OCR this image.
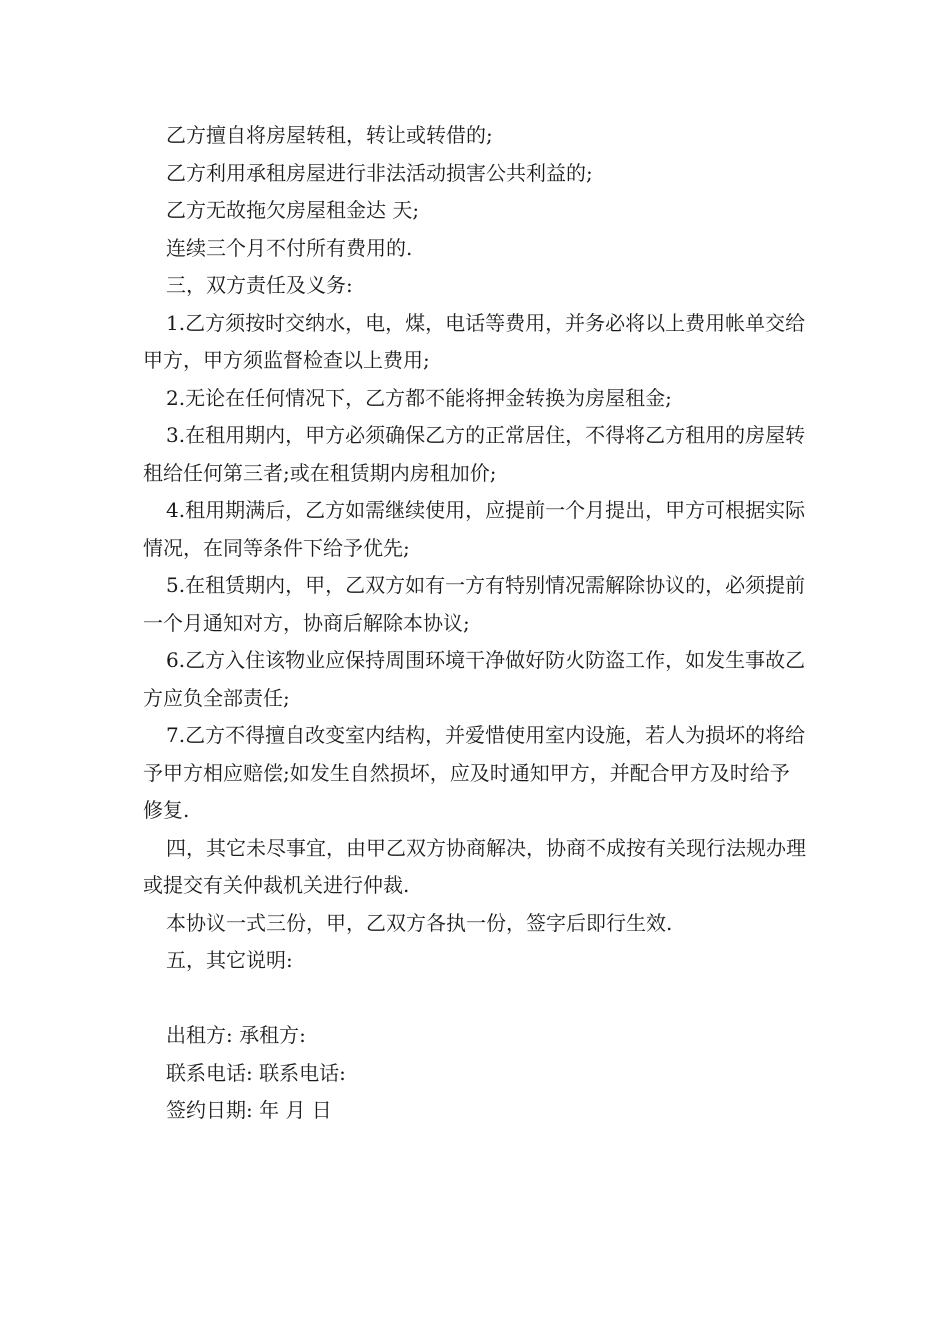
乙方擅自将房屋转租，转让或转借的;

乙方利用承租房屋进行非法活动损害公共利益的;

乙方无故拖欠房屋租金达 天;

连续三个月不付所有费用的.

三，双方责任及义务:

1.乙方须按时交纳水，电，煤，电话等费用，并务必将以上费用帐单交给甲方，甲方须监督检查以上费用;

2.无论在任何情况下，乙方都不能将押金转换为房屋租金;

3.在租用期内，甲方必须确保乙方的正常居住，不得将乙方租用的房屋转租给任何第三者;或在租赁期内房租加价;

4.租用期满后，乙方如需继续使用，应提前一个月提出，甲方可根据实际情况，在同等条件下给予优先;

5.在租赁期内，甲，乙双方如有一方有特别情况需解除协议的，必须提前一个月通知对方，协商后解除本协议;

6.乙方入住该物业应保持周围环境干净做好防火防盗工作，如发生事故乙方应负全部责任;

7.乙方不得擅自改变室内结构，并爱惜使用室内设施，若人为损坏的将给予甲方相应赔偿;如发生自然损坏，应及时通知甲方，并配合甲方及时给予修复.

四，其它未尽事宜，由甲乙双方协商解决，协商不成按有关现行法规办理或提交有关仲裁机关进行仲裁.

本协议一式三份，甲，乙双方各执一份，签字后即行生效.

五，其它说明:

出租方: 承租方:

联系电话: 联系电话:

签约日期: 年 月 日
